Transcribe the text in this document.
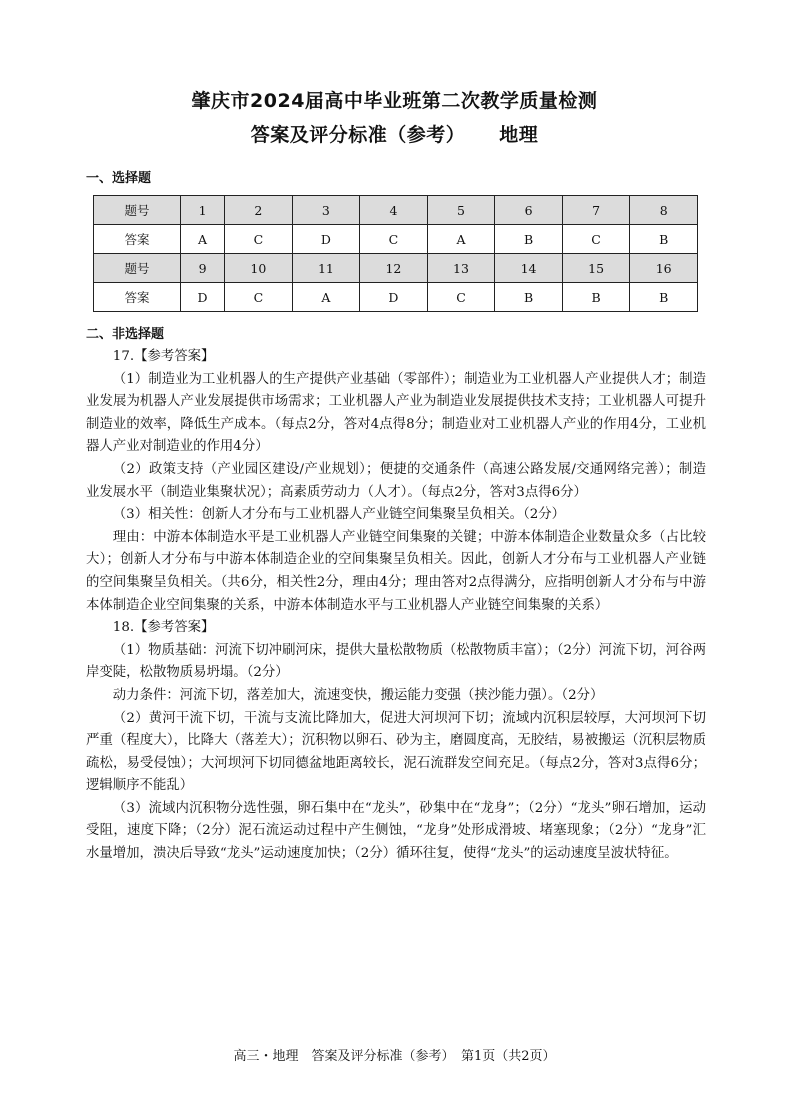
肇庆市2024届高中毕业班第二次教学质量检测
答案及评分标准（参考） 地理
一、选择题
题号	1	2	3	4	5	6	7	8
答案	A	C	D	C	A	B	C	B
题号	9	10	11	12	13	14	15	16
答案	D	C	A	D	C	B	B	B
二、非选择题

17.【参考答案】

（1）制造业为工业机器人的生产提供产业基础（零部件）；制造业为工业机器人产业提供人才；制造业发展为机器人产业发展提供市场需求；工业机器人产业为制造业发展提供技术支持；工业机器人可提升制造业的效率，降低生产成本。（每点2分，答对4点得8分；制造业对工业机器人产业的作用4分，工业机器人产业对制造业的作用4分）

（2）政策支持（产业园区建设/产业规划）；便捷的交通条件（高速公路发展/交通网络完善）；制造业发展水平（制造业集聚状况）；高素质劳动力（人才）。（每点2分，答对3点得6分）

（3）相关性：创新人才分布与工业机器人产业链空间集聚呈负相关。（2分）

理由：中游本体制造水平是工业机器人产业链空间集聚的关键；中游本体制造企业数量众多（占比较大）；创新人才分布与中游本体制造企业的空间集聚呈负相关。因此，创新人才分布与工业机器人产业链的空间集聚呈负相关。（共6分，相关性2分，理由4分；理由答对2点得满分，应指明创新人才分布与中游本体制造企业空间集聚的关系，中游本体制造水平与工业机器人产业链空间集聚的关系）

18.【参考答案】

（1）物质基础：河流下切冲刷河床，提供大量松散物质（松散物质丰富）；（2分）河流下切，河谷两岸变陡，松散物质易坍塌。（2分）

动力条件：河流下切，落差加大，流速变快，搬运能力变强（挟沙能力强）。（2分）

（2）黄河干流下切，干流与支流比降加大，促进大河坝河下切；流域内沉积层较厚，大河坝河下切严重（程度大），比降大（落差大）；沉积物以卵石、砂为主，磨圆度高，无胶结，易被搬运（沉积层物质疏松，易受侵蚀）；大河坝河下切同德盆地距离较长，泥石流群发空间充足。（每点2分，答对3点得6分；逻辑顺序不能乱）

（3）流域内沉积物分选性强，卵石集中在“龙头”，砂集中在“龙身”；（2分）“龙头”卵石增加，运动受阻，速度下降；（2分）泥石流运动过程中产生侧蚀，“龙身”处形成滑坡、堵塞现象；（2分）“龙身”汇水量增加，溃决后导致“龙头”运动速度加快；（2分）循环往复，使得“龙头”的运动速度呈波状特征。

高三・地理　答案及评分标准（参考）　第1页（共2页）
